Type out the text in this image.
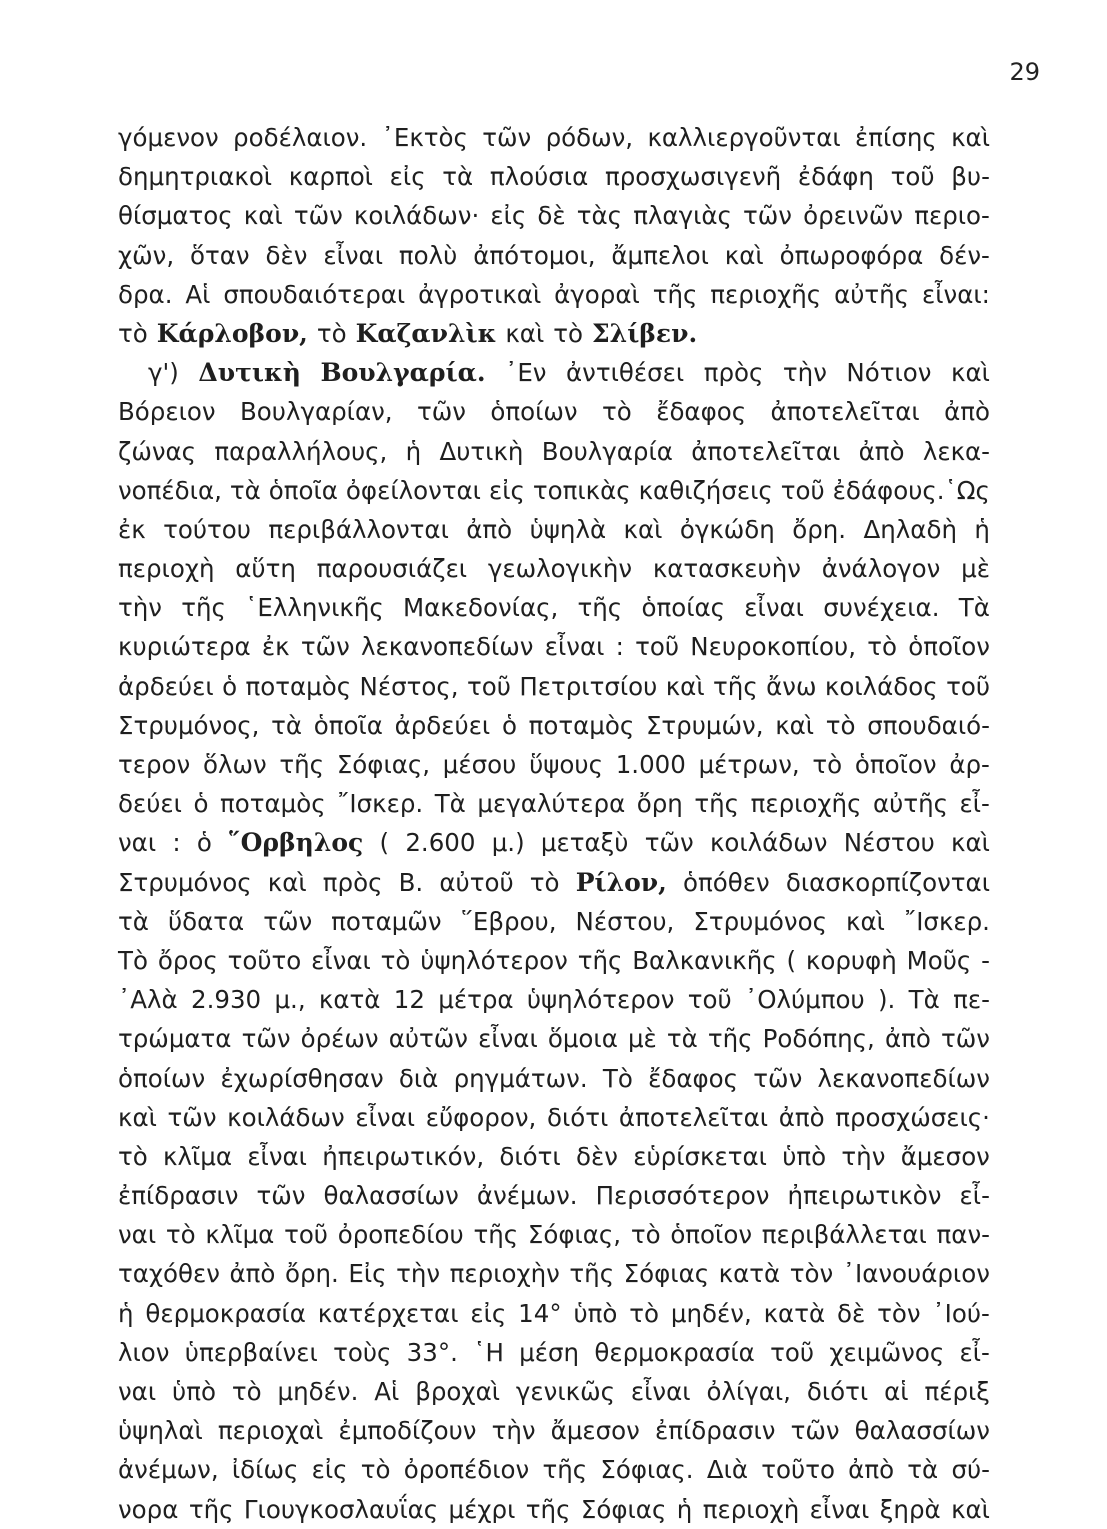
29
γόμενον ροδέλαιον. ᾿Εκτὸς τῶν ρόδων, καλλιεργοῦνται ἐπίσης καὶ
δημητριακοὶ καρποὶ εἰς τὰ πλούσια προσχωσιγενῆ ἐδάφη τοῦ βυ-
θίσματος καὶ τῶν κοιλάδων· εἰς δὲ τὰς πλαγιὰς τῶν ὀρεινῶν περιο-
χῶν, ὅταν δὲν εἶναι πολὺ ἀπότομοι, ἄμπελοι καὶ ὀπωροφόρα δέν-
δρα. Αἱ σπουδαιότεραι ἀγροτικαὶ ἀγοραὶ τῆς περιοχῆς αὐτῆς εἶναι:
τὸ Κάρλοβον, τὸ Καζανλὶκ καὶ τὸ Σλίβεν.
γ') Δυτικὴ Βουλγαρία. ᾿Εν ἀντιθέσει πρὸς τὴν Νότιον καὶ
Βόρειον Βουλγαρίαν, τῶν ὁποίων τὸ ἔδαφος ἀποτελεῖται ἀπὸ
ζώνας παραλλήλους, ἡ Δυτικὴ Βουλγαρία ἀποτελεῖται ἀπὸ λεκα-
νοπέδια, τὰ ὁποῖα ὀφείλονται εἰς τοπικὰς καθιζήσεις τοῦ ἐδάφους.῾Ως
ἐκ τούτου περιβάλλονται ἀπὸ ὑψηλὰ καὶ ὀγκώδη ὄρη. Δηλαδὴ ἡ
περιοχὴ αὕτη παρουσιάζει γεωλογικὴν κατασκευὴν ἀνάλογον μὲ
τὴν τῆς ῾Ελληνικῆς Μακεδονίας, τῆς ὁποίας εἶναι συνέχεια. Τὰ
κυριώτερα ἐκ τῶν λεκανοπεδίων εἶναι : τοῦ Νευροκοπίου, τὸ ὁποῖον
ἀρδεύει ὁ ποταμὸς Νέστος, τοῦ Πετριτσίου καὶ τῆς ἄνω κοιλάδος τοῦ
Στρυμόνος, τὰ ὁποῖα ἀρδεύει ὁ ποταμὸς Στρυμών, καὶ τὸ σπουδαιό-
τερον ὅλων τῆς Σόφιας, μέσου ὕψους 1.000 μέτρων, τὸ ὁποῖον ἀρ-
δεύει ὁ ποταμὸς ῎Ισκερ. Τὰ μεγαλύτερα ὄρη τῆς περιοχῆς αὐτῆς εἶ-
ναι : ὁ ῞Ορβηλος ( 2.600 μ.) μεταξὺ τῶν κοιλάδων Νέστου καὶ
Στρυμόνος καὶ πρὸς Β. αὐτοῦ τὸ Ρίλον, ὁπόθεν διασκορπίζονται
τὰ ὕδατα τῶν ποταμῶν ῞Εβρου, Νέστου, Στρυμόνος καὶ ῎Ισκερ.
Τὸ ὄρος τοῦτο εἶναι τὸ ὑψηλότερον τῆς Βαλκανικῆς ( κορυφὴ Μοῦς -
᾿Αλὰ 2.930 μ., κατὰ 12 μέτρα ὑψηλότερον τοῦ ᾿Ολύμπου ). Τὰ πε-
τρώματα τῶν ὀρέων αὐτῶν εἶναι ὅμοια μὲ τὰ τῆς Ροδόπης, ἀπὸ τῶν
ὁποίων ἐχωρίσθησαν διὰ ρηγμάτων. Τὸ ἔδαφος τῶν λεκανοπεδίων
καὶ τῶν κοιλάδων εἶναι εὔφορον, διότι ἀποτελεῖται ἀπὸ προσχώσεις·
τὸ κλῖμα εἶναι ἠπειρωτικόν, διότι δὲν εὑρίσκεται ὑπὸ τὴν ἄμεσον
ἐπίδρασιν τῶν θαλασσίων ἀνέμων. Περισσότερον ἠπειρωτικὸν εἶ-
ναι τὸ κλῖμα τοῦ ὀροπεδίου τῆς Σόφιας, τὸ ὁποῖον περιβάλλεται παν-
ταχόθεν ἀπὸ ὄρη. Εἰς τὴν περιοχὴν τῆς Σόφιας κατὰ τὸν ᾿Ιανουάριον
ἡ θερμοκρασία κατέρχεται εἰς 14° ὑπὸ τὸ μηδέν, κατὰ δὲ τὸν ᾿Ιού-
λιον ὑπερβαίνει τοὺς 33°. ῾Η μέση θερμοκρασία τοῦ χειμῶνος εἶ-
ναι ὑπὸ τὸ μηδέν. Αἱ βροχαὶ γενικῶς εἶναι ὀλίγαι, διότι αἱ πέριξ
ὑψηλαὶ περιοχαὶ ἐμποδίζουν τὴν ἄμεσον ἐπίδρασιν τῶν θαλασσίων
ἀνέμων, ἰδίως εἰς τὸ ὀροπέδιον τῆς Σόφιας. Διὰ τοῦτο ἀπὸ τὰ σύ-
νορα τῆς Γιουγκοσλαυΐας μέχρι τῆς Σόφιας ἡ περιοχὴ εἶναι ξηρὰ καὶ
